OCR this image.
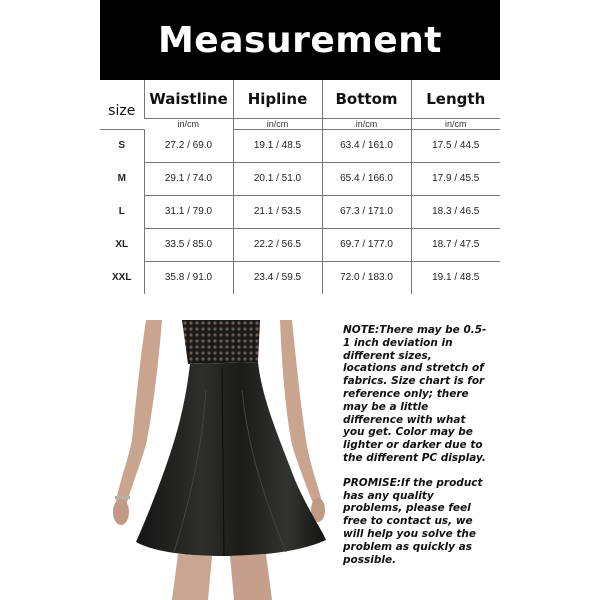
Measurement
size	Waistline	Hipline	Bottom	Length
	in/cm	in/cm	in/cm	in/cm
S	27.2 / 69.0	19.1 / 48.5	63.4 / 161.0	17.5 / 44.5
M	29.1 / 74.0	20.1 / 51.0	65.4 / 166.0	17.9 / 45.5
L	31.1 / 79.0	21.1 / 53.5	67.3 / 171.0	18.3 / 46.5
XL	33.5 / 85.0	22.2 / 56.5	69.7 / 177.0	18.7 / 47.5
XXL	35.8 / 91.0	23.4 / 59.5	72.0 / 183.0	19.1 / 48.5

NOTE:There may be 0.5-1 inch deviation in different sizes, locations and stretch of fabrics. Size chart is for reference only; there may be a little difference with what you get. Color may be lighter or darker due to the different PC display.

PROMISE:If the product has any quality problems, please feel free to contact us, we will help you solve the problem as quickly as possible.
